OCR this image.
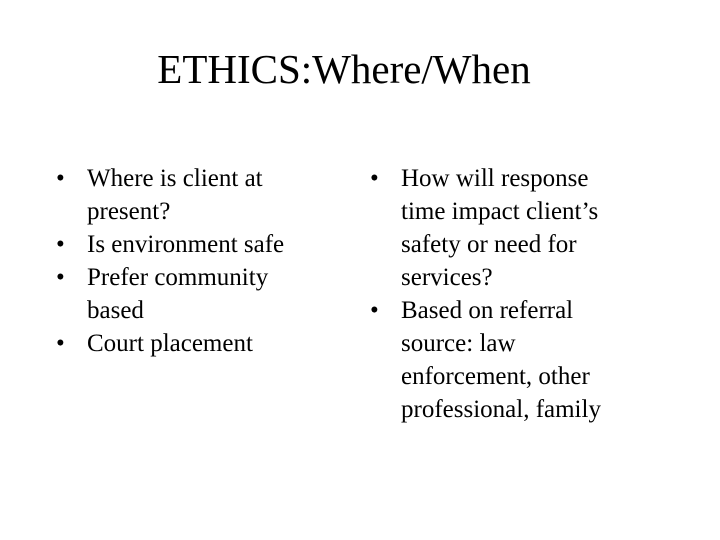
ETHICS:Where/When
• Where is client at
present?
• Is environment safe
• Prefer community
based
• Court placement
• How will response
time impact client’s
safety or need for
services?
• Based on referral
source: law
enforcement, other
professional, family
